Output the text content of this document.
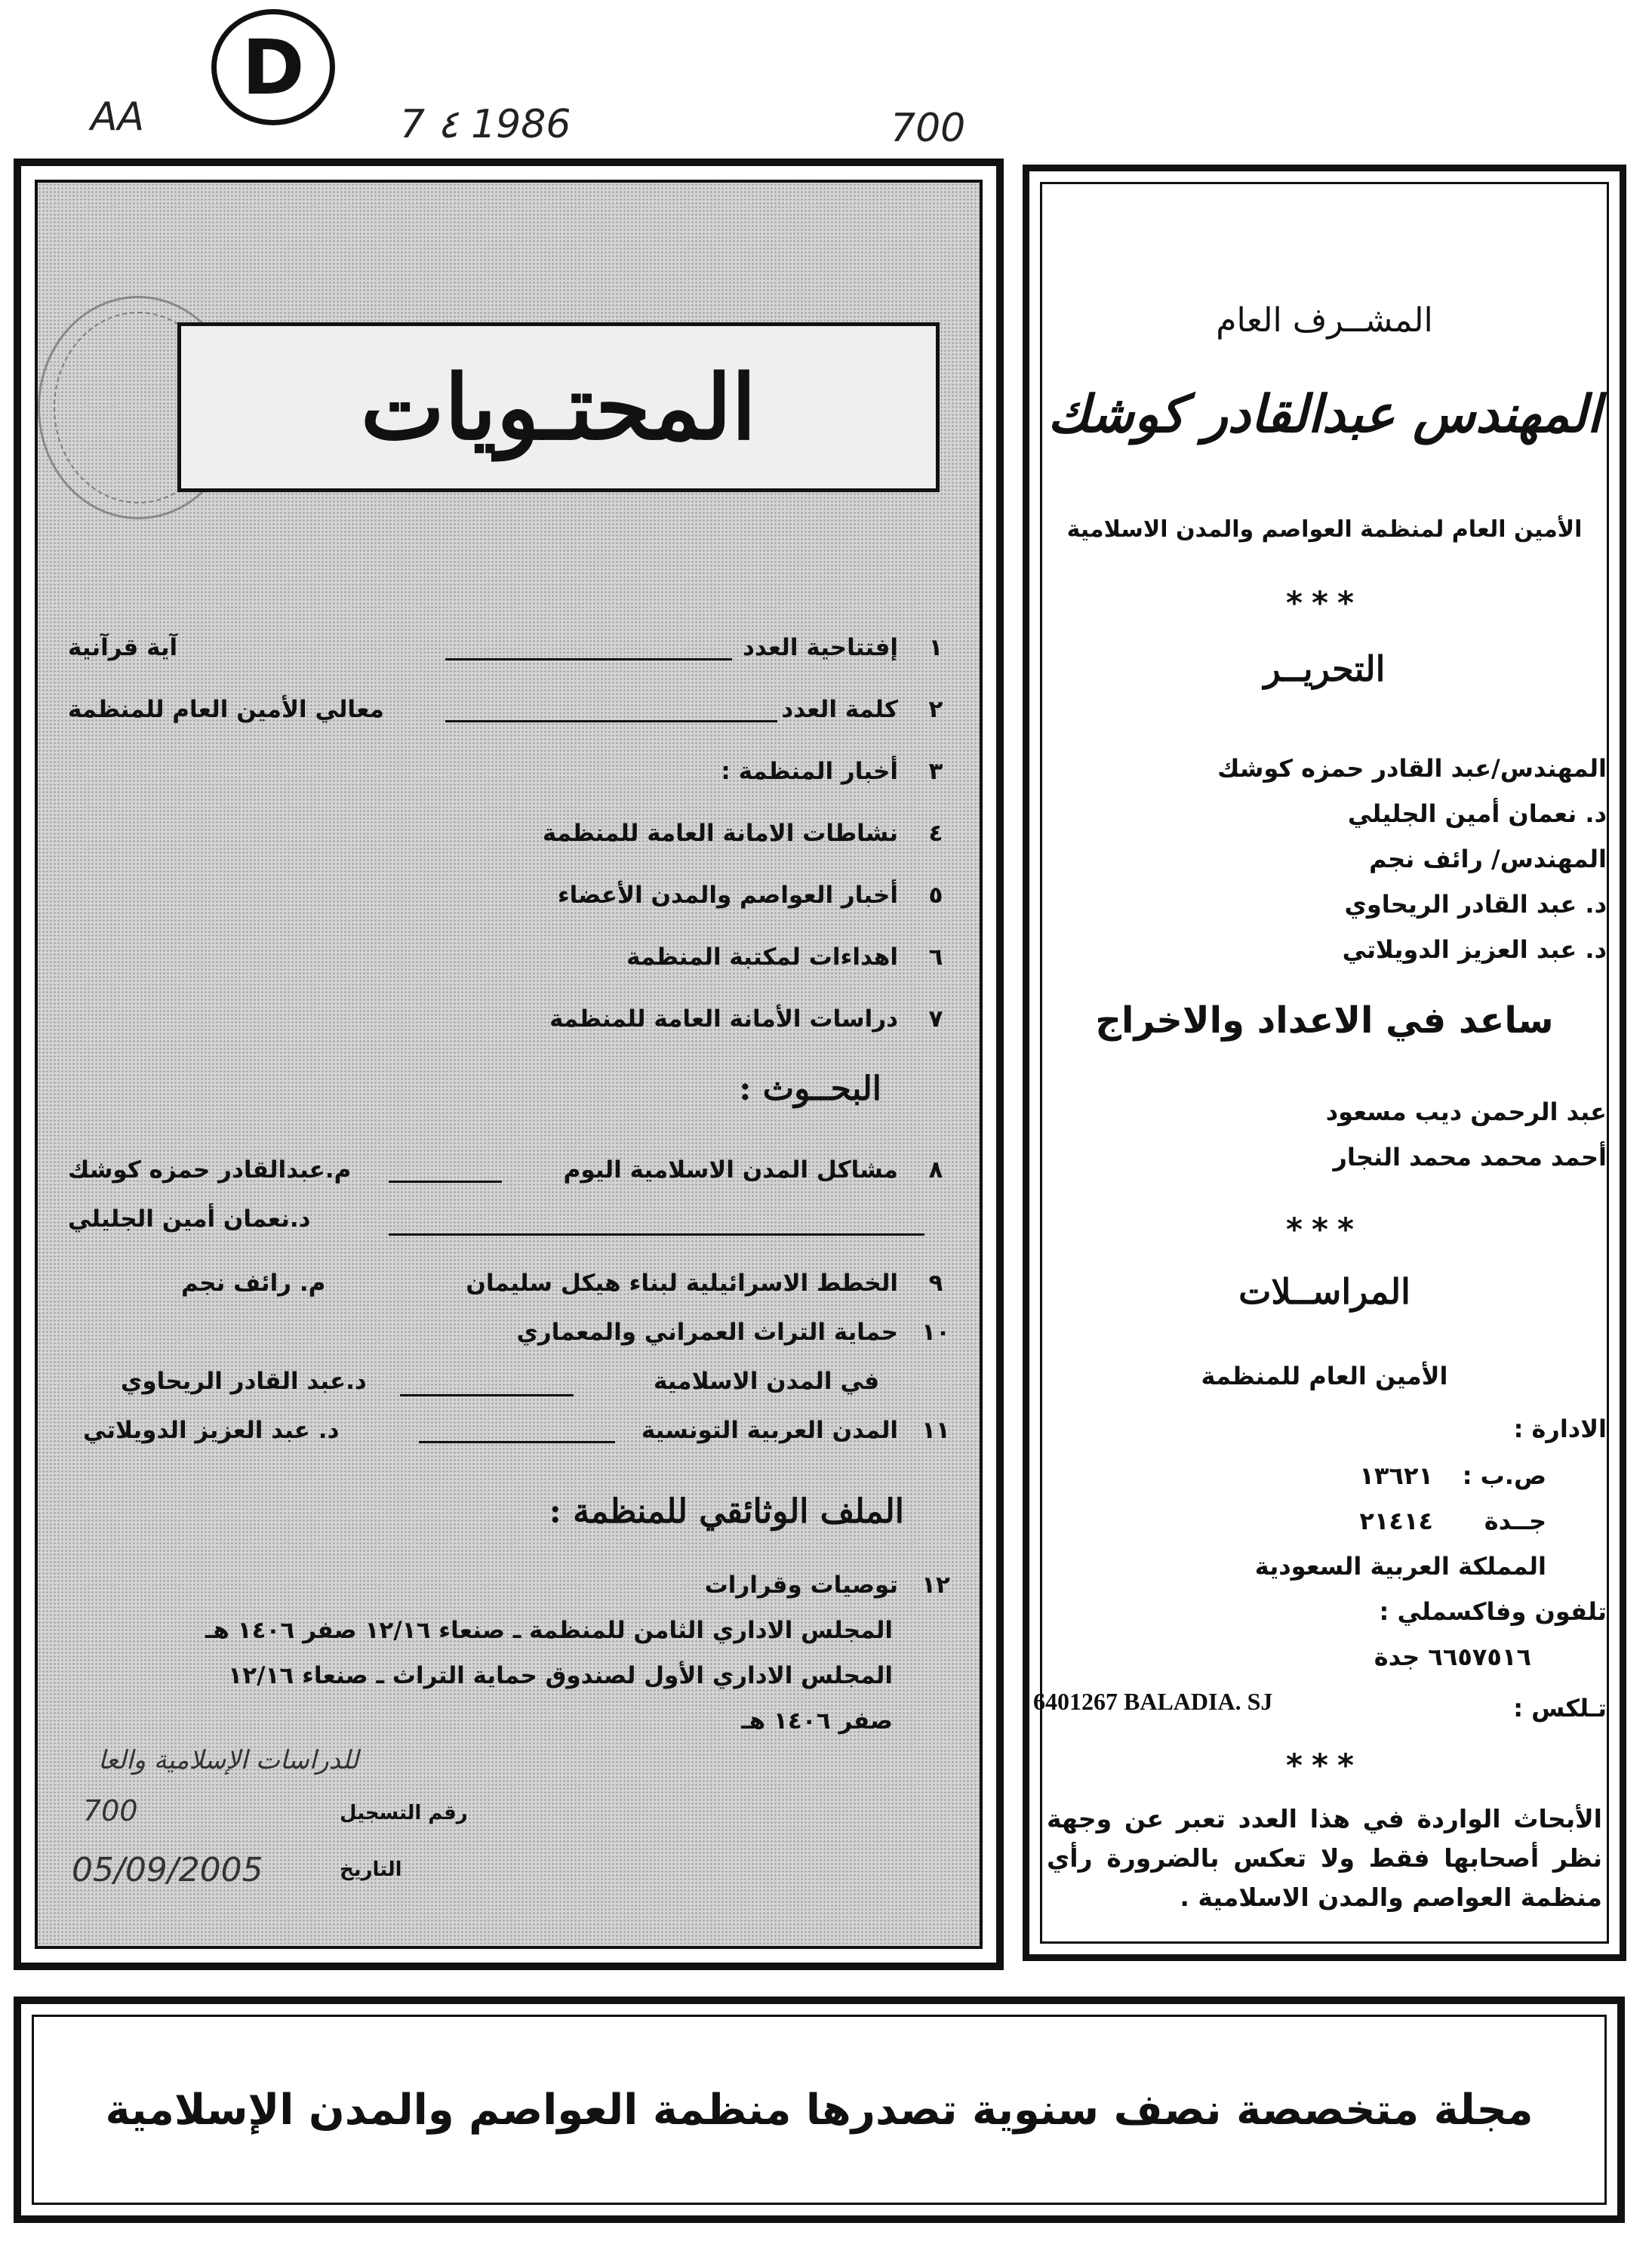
D
AA	7 ٤ 1986	700
المحتـويات
١
إفتتاحية العدد
آية قرآنية
٢
كلمة العدد
معالي الأمين العام للمنظمة
٣
أخبار المنظمة :
٤
نشاطات الامانة العامة للمنظمة
٥
أخبار العواصم والمدن الأعضاء
٦
اهداءات لمكتبة المنظمة
٧
دراسات الأمانة العامة للمنظمة
البحــوث :
٨
مشاكل المدن الاسلامية اليوم
م.عبدالقادر حمزه كوشك
د.نعمان أمين الجليلي
٩
الخطط الاسرائيلية لبناء هيكل سليمان
م. رائف نجم
١٠
حماية التراث العمراني والمعماري
في المدن الاسلامية
د.عبد القادر الريحاوي
١١
المدن العربية التونسية
د. عبد العزيز الدويلاتي
الملف الوثائقي للمنظمة :
١٢
توصيات وقرارات
المجلس الاداري الثامن للمنظمة ـ صنعاء ١٢/١٦ صفر ١٤٠٦ هـ
المجلس الاداري الأول لصندوق حماية التراث ـ صنعاء ١٢/١٦
صفر ١٤٠٦ هـ
للدراسات الإسلامية والعا
رقم التسجيل
700
التاريخ
05/09/2005
المشــرف العام
المهندس عبدالقادر كوشك
الأمين العام لمنظمة العواصم والمدن الاسلامية
***
التحريــر
المهندس/عبد القادر حمزه كوشك
د. نعمان أمين الجليلي
المهندس/ رائف نجم
د. عبد القادر الريحاوي
د. عبد العزيز الدويلاتي
ساعد في الاعداد والاخراج
عبد الرحمن ديب مسعود
أحمد محمد محمد النجار
***
المراســلات
الأمين العام للمنظمة
الادارة :
ص.ب :
١٣٦٢١
جــدة
٢١٤١٤
المملكة العربية السعودية
تلفون وفاكسملي :
٦٦٥٧٥١٦ جدة
تـلكس :
6401267 BALADIA. SJ
***
الأبحاث الواردة في هذا العدد تعبر عن وجهة نظر أصحابها فقط ولا تعكس بالضرورة رأي منظمة العواصم والمدن الاسلامية .
مجلة متخصصة نصف سنوية تصدرها منظمة العواصم والمدن الإسلامية
